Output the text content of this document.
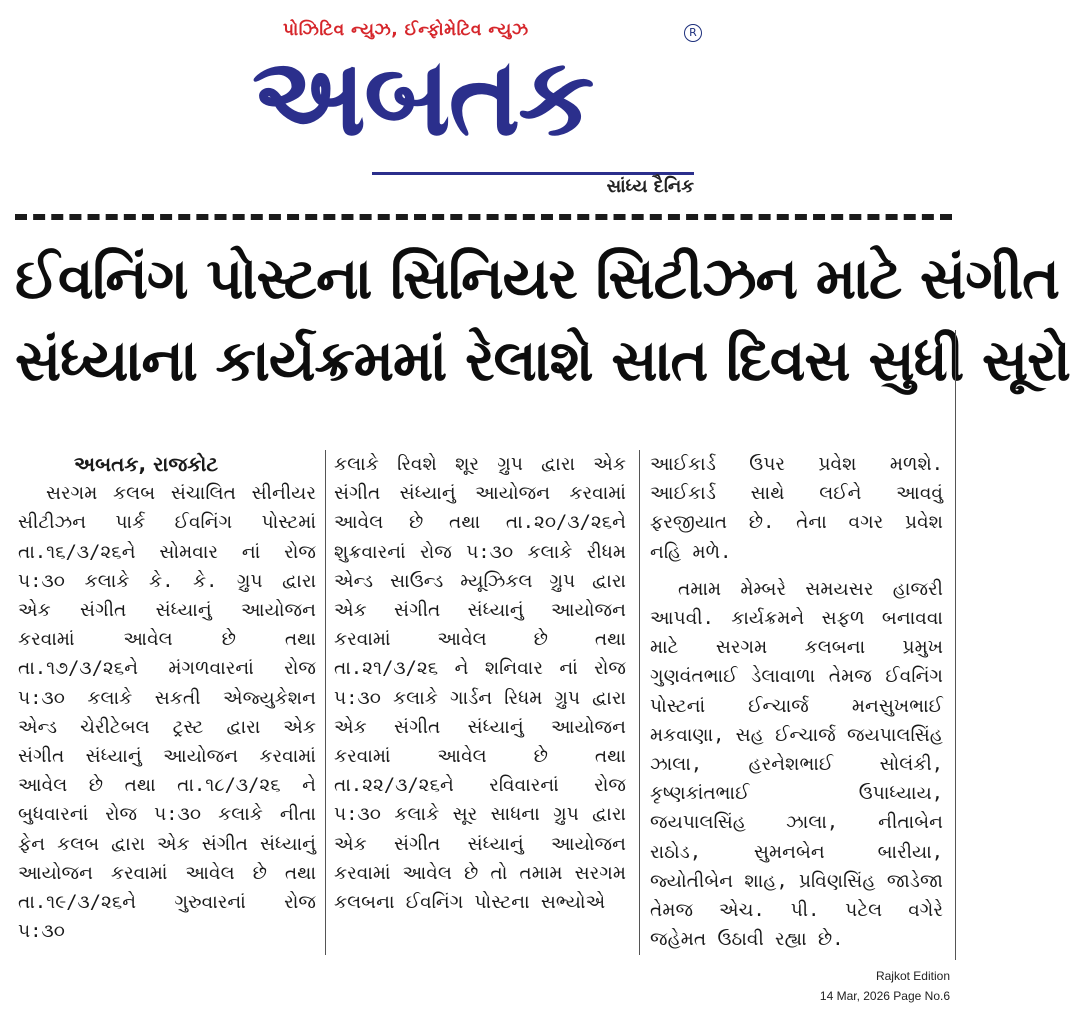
પોઝિટિવ ન્યુઝ, ઈન્ફોમેટિવ ન્યુઝ
અબતક
R
સાંધ્ય દૈનિક
ઈવનિંગ પોસ્ટના સિનિયર સિટીઝન માટે સંગીત
સંધ્યાના કાર્યક્રમમાં રેલાશે સાત દિવસ સુધી સૂરો
અબતક, રાજકોટ
સરગમ કલબ સંચાલિત સીનીયર સીટીઝન પાર્ક ઈવનિંગ પોસ્ટમાં તા.૧૬/૩/૨૬ને સોમવાર નાં રોજ ૫:૩૦ કલાકે કે. કે. ગ્રુપ દ્વારા એક સંગીત સંધ્યાનું આયોજન કરવામાં આવેલ છે તથા તા.૧૭/૩/૨૬ને મંગળવારનાં રોજ ૫:૩૦ કલાકે સકતી એજ્યુકેશન એન્ડ ચેરીટેબલ ટ્રસ્ટ દ્વારા એક સંગીત સંધ્યાનું આયોજન કરવામાં આવેલ છે તથા તા.૧૮/૩/૨૬ ને બુધવારનાં રોજ ૫:૩૦ કલાકે નીતા ફેન કલબ દ્વારા એક સંગીત સંધ્યાનું આયોજન કરવામાં આવેલ છે તથા તા.૧૯/૩/૨૬ને ગુરુવારનાં રોજ ૫:૩૦
કલાકે રિવશે શૂર ગ્રુપ દ્વારા એક સંગીત સંધ્યાનું આયોજન કરવામાં આવેલ છે તથા તા.૨૦/૩/૨૬ને શુક્રવારનાં રોજ ૫:૩૦ કલાકે રીધમ એન્ડ સાઉન્ડ મ્યૂઝિકલ ગ્રુપ દ્વારા એક સંગીત સંધ્યાનું આયોજન કરવામાં આવેલ છે તથા તા.૨૧/૩/૨૬ ને શનિવાર નાં રોજ ૫:૩૦ કલાકે ગાર્ડન રિધમ ગ્રુપ દ્વારા એક સંગીત સંધ્યાનું આયોજન કરવામાં આવેલ છે તથા તા.૨૨/૩/૨૬ને રવિવારનાં રોજ ૫:૩૦ કલાકે સૂર સાધના ગ્રુપ દ્વારા એક સંગીત સંધ્યાનું આયોજન કરવામાં આવેલ છે તો તમામ સરગમ કલબના ઈવનિંગ પોસ્ટના સભ્યોએ
આઈકાર્ડ ઉપર પ્રવેશ મળશે. આઈકાર્ડ સાથે લઈને આવવું ફરજીયાત છે. તેના વગર પ્રવેશ નહિ મળે.
તમામ મેમ્બરે સમયસર હાજરી આપવી. કાર્યક્રમને સફળ બનાવવા માટે સરગમ કલબના પ્રમુખ ગુણવંતભાઈ ડેલાવાળા તેમજ ઈવનિંગ પોસ્ટનાં ઈન્ચાર્જ મનસુખભાઈ મકવાણા, સહ ઈન્ચાર્જ જયપાલસિંહ ઝાલા, હરનેશભાઈ સોલંકી, કૃષ્ણકાંતભાઈ ઉપાધ્યાય, જયપાલસિંહ ઝાલા, નીતાબેન રાઠોડ, સુમનબેન બારીયા, જ્યોતીબેન શાહ, પ્રવિણસિંહ જાડેજા તેમજ એચ. પી. પટેલ વગેરે જહેમત ઉઠાવી રહ્યા છે.
Rajkot Edition
14 Mar, 2026 Page No.6
